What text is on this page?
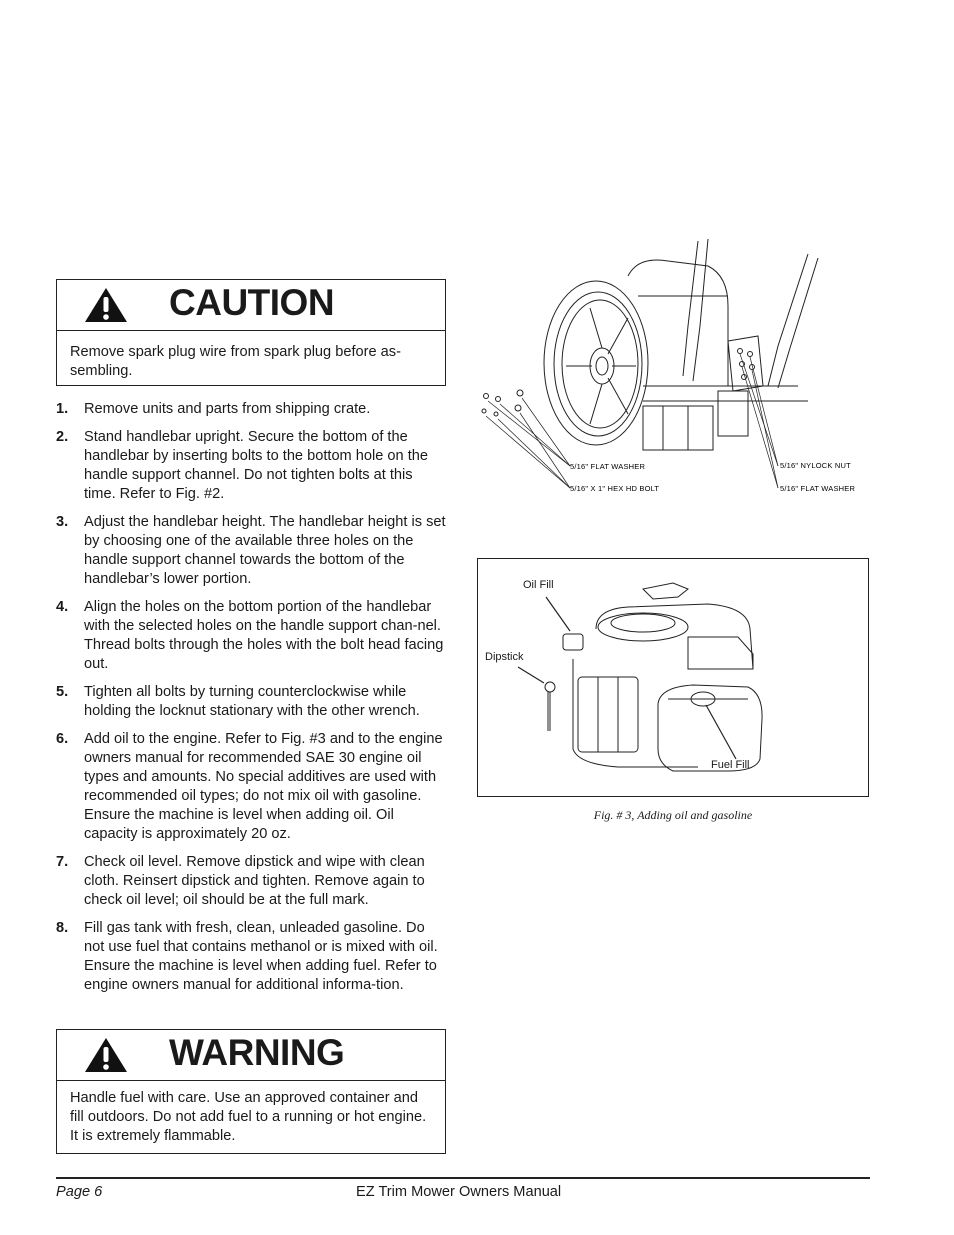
CAUTION
Remove spark plug wire from spark plug before as-sembling.
1. Remove units and parts from shipping crate.
2. Stand handlebar upright. Secure the bottom of the handlebar by inserting bolts to the bottom hole on the handle support channel. Do not tighten bolts at this time. Refer to Fig. #2.
3. Adjust the handlebar height. The handlebar height is set by choosing one of the available three holes on the handle support channel towards the bottom of the handlebar’s lower portion.
4. Align the holes on the bottom portion of the handlebar with the selected holes on the handle support chan-nel. Thread bolts through the holes with the bolt head facing out.
5. Tighten all bolts by turning counterclockwise while holding the locknut stationary with the other wrench.
6. Add oil to the engine. Refer to Fig. #3 and to the engine owners manual for recommended SAE 30 engine oil types and amounts. No special additives are used with recommended oil types; do not mix oil with gasoline. Ensure the machine is level when adding oil. Oil capacity is approximately 20 oz.
7. Check oil level. Remove dipstick and wipe with clean cloth. Reinsert dipstick and tighten. Remove again to check oil level; oil should be at the full mark.
8. Fill gas tank with fresh, clean, unleaded gasoline. Do not use fuel that contains methanol or is mixed with oil. Ensure the machine is level when adding fuel. Refer to engine owners manual for additional informa-tion.
WARNING
Handle fuel with care. Use an approved container and fill outdoors. Do not add fuel to a running or hot engine. It is extremely flammable.
5/16" FLAT WASHER
5/16" X 1" HEX HD BOLT
5/16" NYLOCK NUT
5/16" FLAT WASHER
Oil Fill
Dipstick
Fuel Fill
Fig. # 3, Adding oil and gasoline
Page 6	EZ Trim Mower Owners Manual
